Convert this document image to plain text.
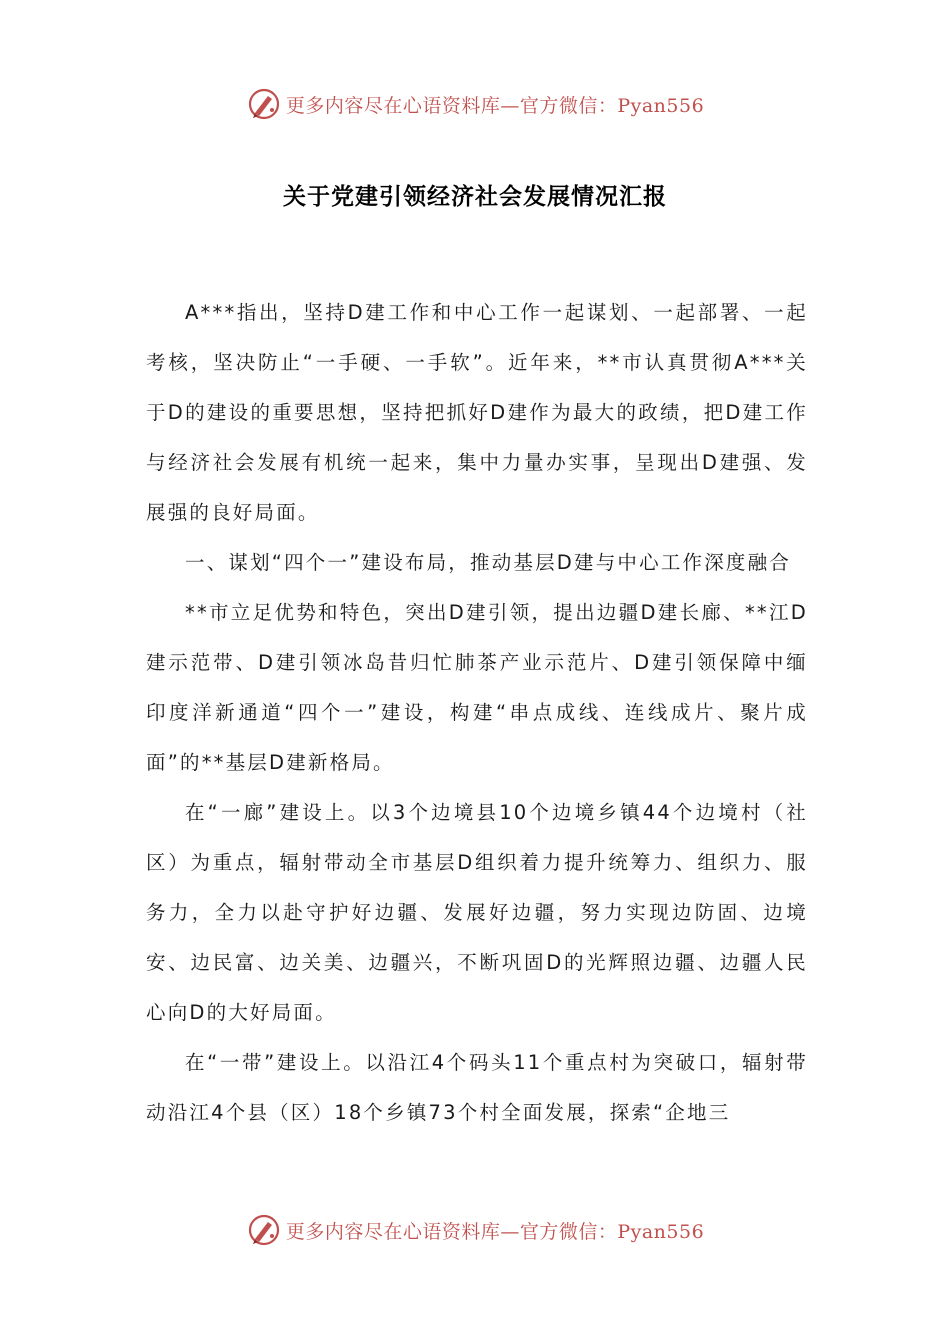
更多内容尽在心语资料库—官方微信：Pyan556
关于党建引领经济社会发展情况汇报

A***指出，坚持D建工作和中心工作一起谋划、一起部署、一起考核，坚决防止“一手硬、一手软”。近年来，**市认真贯彻A***关于D的建设的重要思想，坚持把抓好D建作为最大的政绩，把D建工作与经济社会发展有机统一起来，集中力量办实事，呈现出D建强、发展强的良好局面。

一、谋划“四个一”建设布局，推动基层D建与中心工作深度融合

**市立足优势和特色，突出D建引领，提出边疆D建长廊、**江D建示范带、D建引领冰岛昔归忙肺茶产业示范片、D建引领保障中缅印度洋新通道“四个一”建设，构建“串点成线、连线成片、聚片成面”的**基层D建新格局。

在“一廊”建设上。以3个边境县10个边境乡镇44个边境村（社区）为重点，辐射带动全市基层D组织着力提升统筹力、组织力、服务力，全力以赴守护好边疆、发展好边疆，努力实现边防固、边境安、边民富、边关美、边疆兴，不断巩固D的光辉照边疆、边疆人民心向D的大好局面。

在“一带”建设上。以沿江4个码头11个重点村为突破口，辐射带动沿江4个县（区）18个乡镇73个村全面发展，探索“企地三

更多内容尽在心语资料库—官方微信：Pyan556
